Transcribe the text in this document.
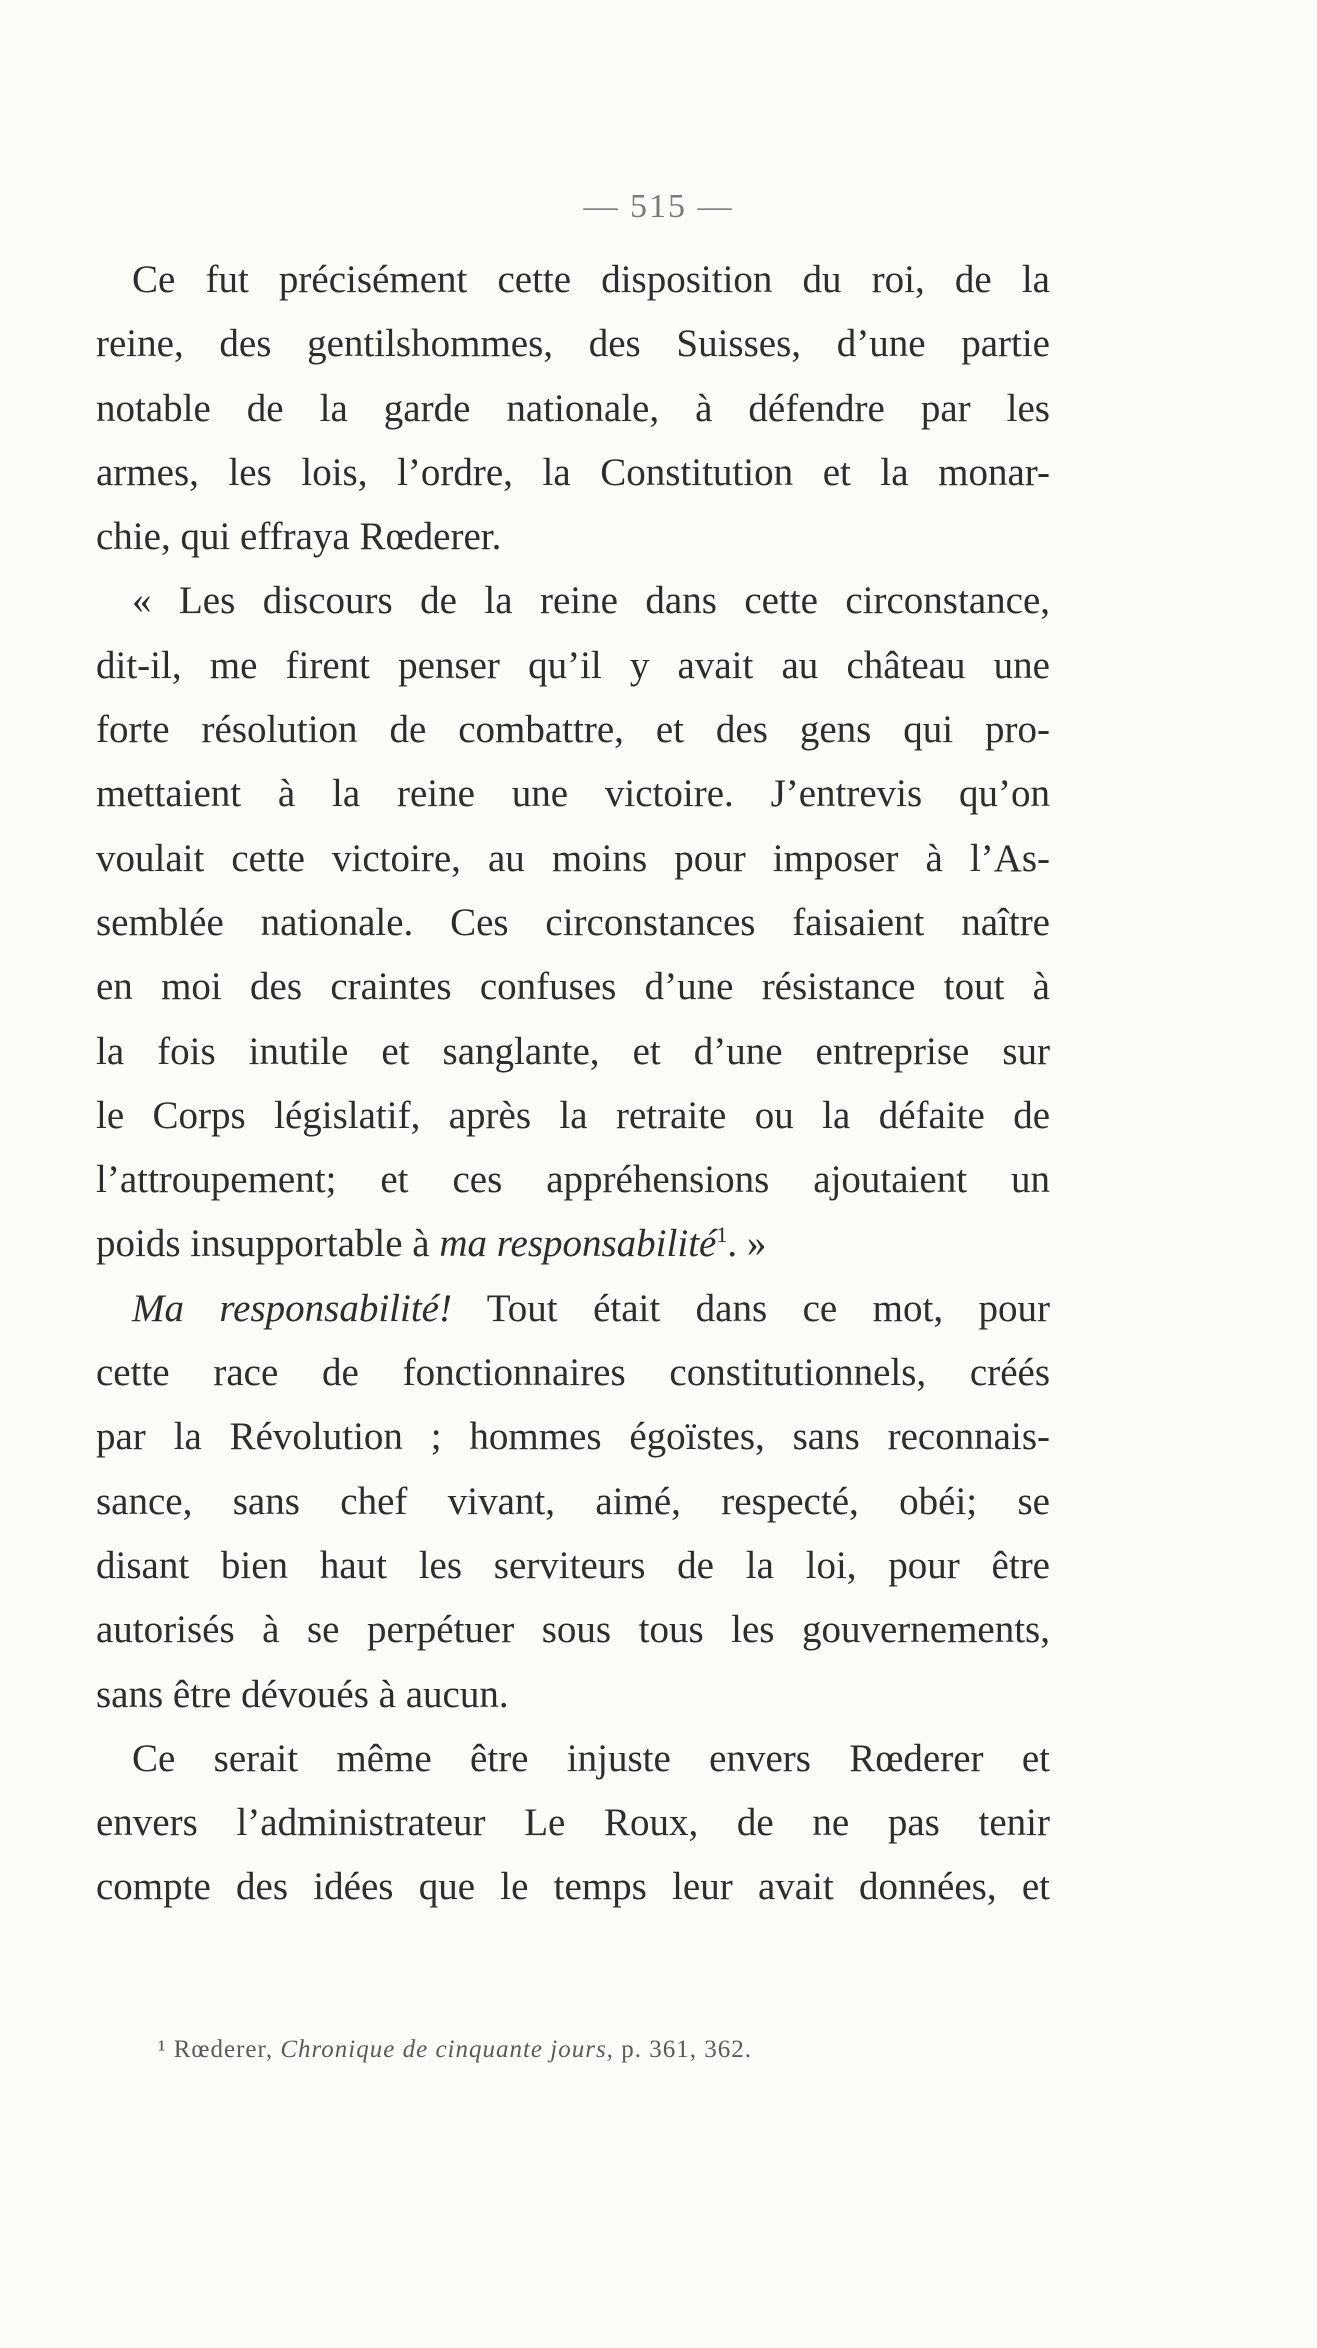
— 515 —
Ce fut précisément cette disposition du roi, de la
reine, des gentilshommes, des Suisses, d’une partie
notable de la garde nationale, à défendre par les
armes, les lois, l’ordre, la Constitution et la monar-
chie, qui effraya Rœderer.
« Les discours de la reine dans cette circonstance,
dit-il, me firent penser qu’il y avait au château une
forte résolution de combattre, et des gens qui pro-
mettaient à la reine une victoire. J’entrevis qu’on
voulait cette victoire, au moins pour imposer à l’As-
semblée nationale. Ces circonstances faisaient naître
en moi des craintes confuses d’une résistance tout à
la fois inutile et sanglante, et d’une entreprise sur
le Corps législatif, après la retraite ou la défaite de
l’attroupement; et ces appréhensions ajoutaient un
poids insupportable à ma responsabilité$^1$. »
Ma responsabilité! Tout était dans ce mot, pour
cette race de fonctionnaires constitutionnels, créés
par la Révolution ; hommes égoïstes, sans reconnais-
sance, sans chef vivant, aimé, respecté, obéi; se
disant bien haut les serviteurs de la loi, pour être
autorisés à se perpétuer sous tous les gouvernements,
sans être dévoués à aucun.
Ce serait même être injuste envers Rœderer et
envers l’administrateur Le Roux, de ne pas tenir
compte des idées que le temps leur avait données, et
¹ Rœderer, Chronique de cinquante jours, p. 361, 362.
